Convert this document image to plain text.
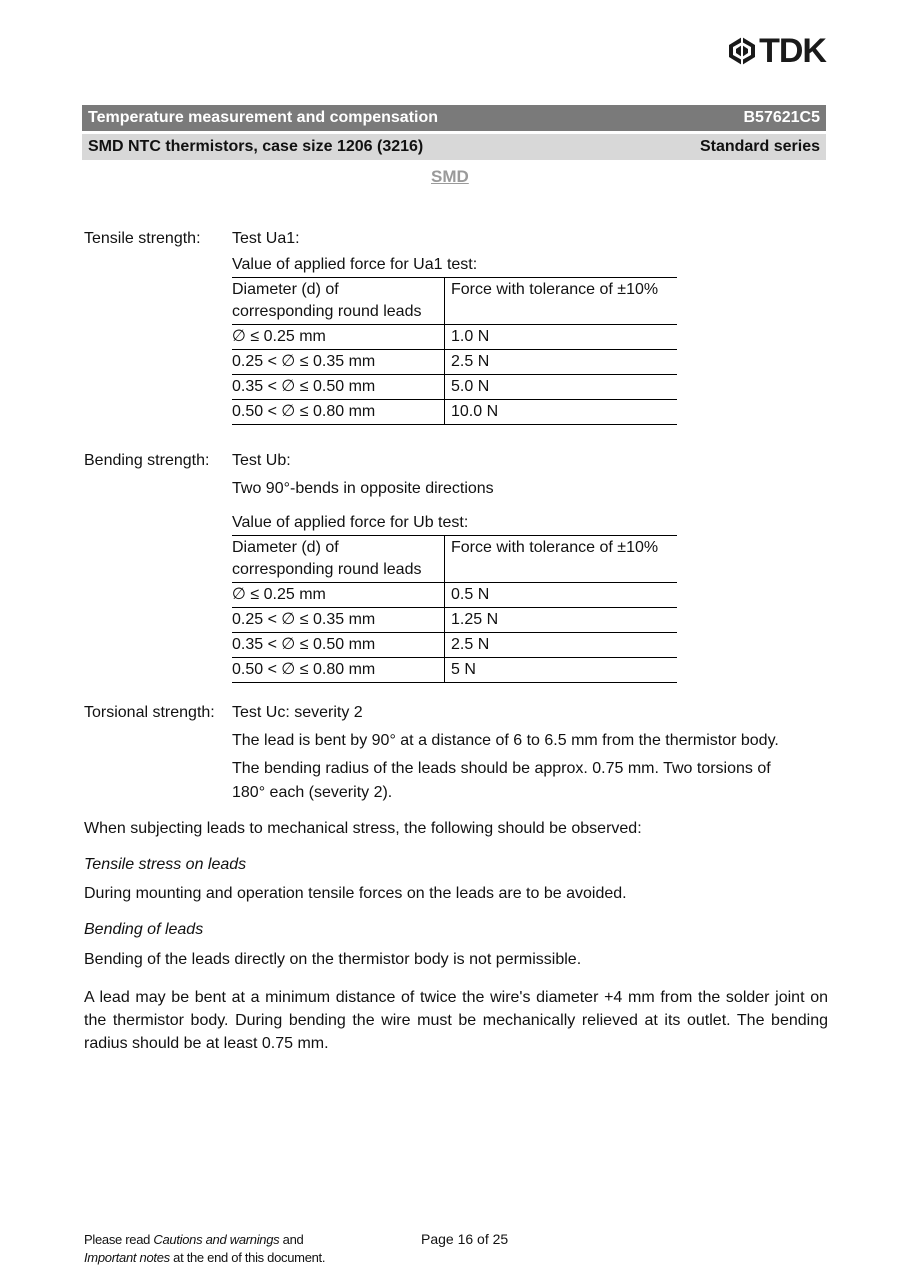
TDK
Temperature measurement and compensation	B57621C5
SMD NTC thermistors, case size 1206 (3216)	Standard series
SMD
Tensile strength: Test Ua1:
Value of applied force for Ua1 test:
Diameter (d) of
corresponding round leads	Force with tolerance of ±10%
∅ ≤ 0.25 mm	1.0 N
0.25 < ∅ ≤ 0.35 mm	2.5 N
0.35 < ∅ ≤ 0.50 mm	5.0 N
0.50 < ∅ ≤ 0.80 mm	10.0 N
Bending strength: Test Ub:
Two 90°-bends in opposite directions
Value of applied force for Ub test:
Diameter (d) of
corresponding round leads	Force with tolerance of ±10%
∅ ≤ 0.25 mm	0.5 N
0.25 < ∅ ≤ 0.35 mm	1.25 N
0.35 < ∅ ≤ 0.50 mm	2.5 N
0.50 < ∅ ≤ 0.80 mm	5 N
Torsional strength: Test Uc: severity 2
The lead is bent by 90° at a distance of 6 to 6.5 mm from the thermistor body.
The bending radius of the leads should be approx. 0.75 mm. Two torsions of
180° each (severity 2).
When subjecting leads to mechanical stress, the following should be observed:
Tensile stress on leads
During mounting and operation tensile forces on the leads are to be avoided.
Bending of leads
Bending of the leads directly on the thermistor body is not permissible.
A lead may be bent at a minimum distance of twice the wire's diameter +4 mm from the solder joint on the thermistor body. During bending the wire must be mechanically relieved at its outlet. The bending radius should be at least 0.75 mm.
Please read Cautions and warnings and
Important notes at the end of this document.
Page 16 of 25
